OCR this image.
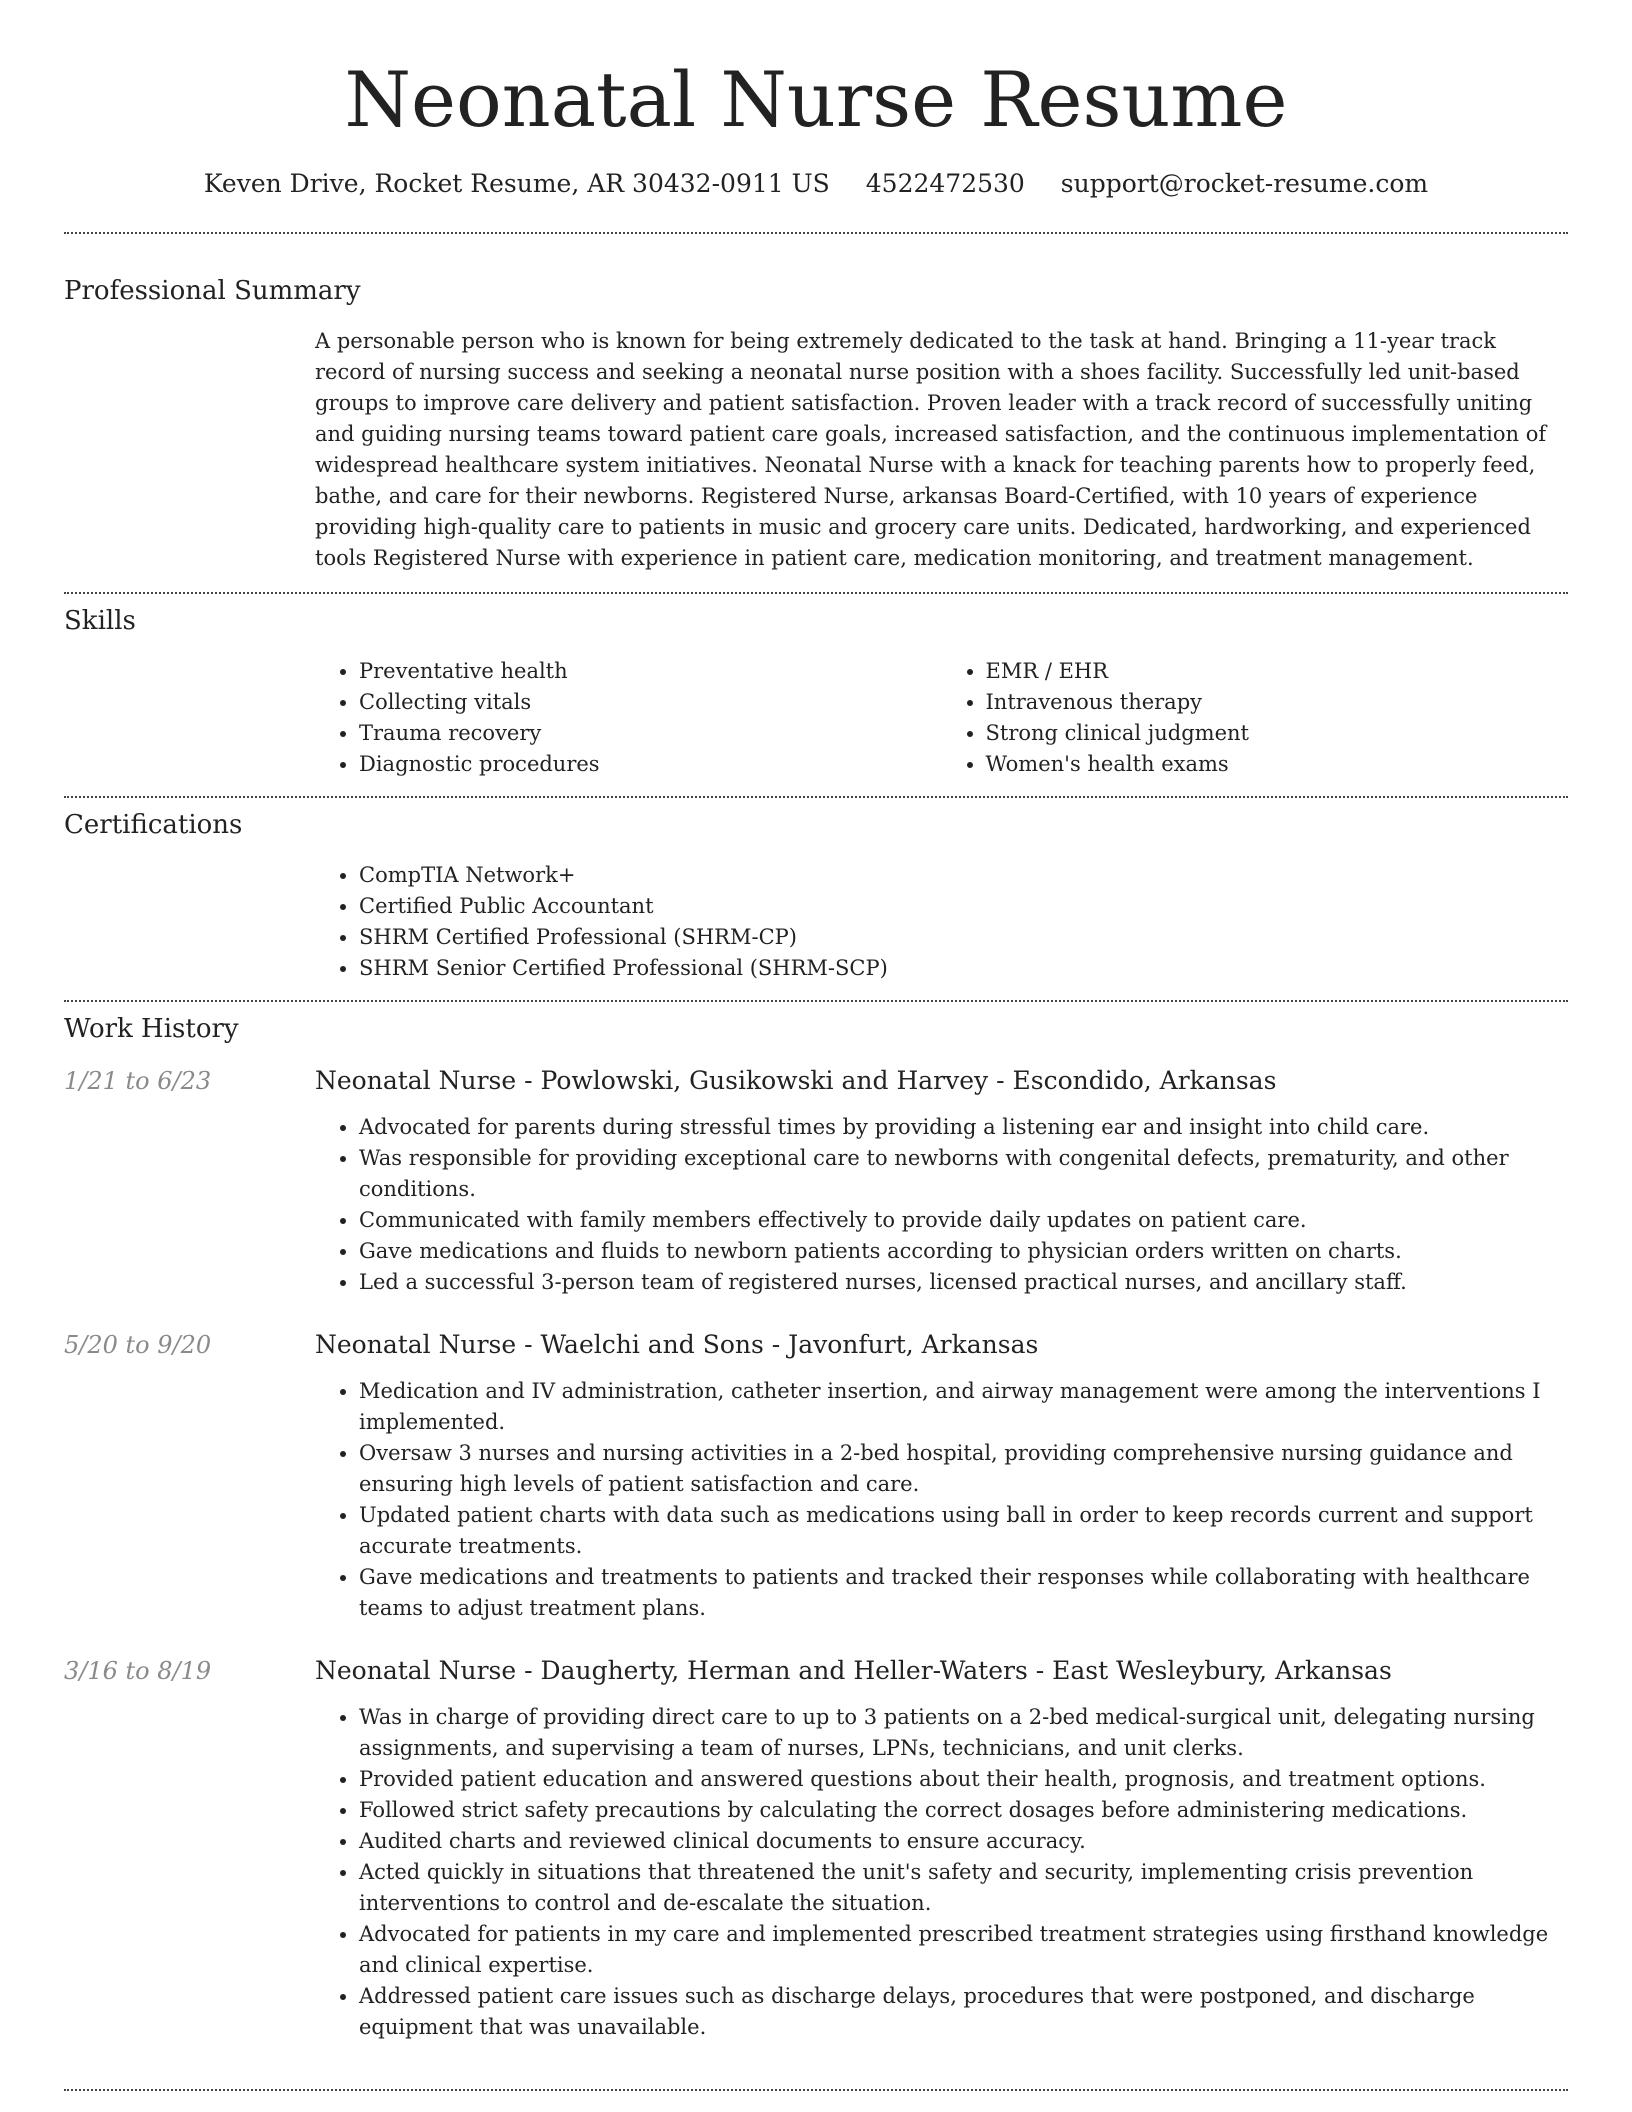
Neonatal Nurse Resume
Keven Drive, Rocket Resume, AR 30432-0911 US 4522472530 support@rocket-resume.com
Professional Summary

A personable person who is known for being extremely dedicated to the task at hand. Bringing a 11-year track record of nursing success and seeking a neonatal nurse position with a shoes facility. Successfully led unit-based groups to improve care delivery and patient satisfaction. Proven leader with a track record of successfully uniting and guiding nursing teams toward patient care goals, increased satisfaction, and the continuous implementation of widespread healthcare system initiatives. Neonatal Nurse with a knack for teaching parents how to properly feed, bathe, and care for their newborns. Registered Nurse, arkansas Board-Certified, with 10 years of experience providing high-quality care to patients in music and grocery care units. Dedicated, hardworking, and experienced tools Registered Nurse with experience in patient care, medication monitoring, and treatment management.

Skills
• Preventative health
• Collecting vitals
• Trauma recovery
• Diagnostic procedures
• EMR / EHR
• Intravenous therapy
• Strong clinical judgment
• Women's health exams
Certifications
• CompTIA Network+
• Certified Public Accountant
• SHRM Certified Professional (SHRM-CP)
• SHRM Senior Certified Professional (SHRM-SCP)
Work History
1/21 to 6/23	Neonatal Nurse - Powlowski, Gusikowski and Harvey - Escondido, Arkansas
• Advocated for parents during stressful times by providing a listening ear and insight into child care.
• Was responsible for providing exceptional care to newborns with congenital defects, prematurity, and other conditions.
• Communicated with family members effectively to provide daily updates on patient care.
• Gave medications and fluids to newborn patients according to physician orders written on charts.
• Led a successful 3-person team of registered nurses, licensed practical nurses, and ancillary staff.
5/20 to 9/20	Neonatal Nurse - Waelchi and Sons - Javonfurt, Arkansas
• Medication and IV administration, catheter insertion, and airway management were among the interventions I implemented.
• Oversaw 3 nurses and nursing activities in a 2-bed hospital, providing comprehensive nursing guidance and ensuring high levels of patient satisfaction and care.
• Updated patient charts with data such as medications using ball in order to keep records current and support accurate treatments.
• Gave medications and treatments to patients and tracked their responses while collaborating with healthcare teams to adjust treatment plans.
3/16 to 8/19	Neonatal Nurse - Daugherty, Herman and Heller-Waters - East Wesleybury, Arkansas
• Was in charge of providing direct care to up to 3 patients on a 2-bed medical-surgical unit, delegating nursing assignments, and supervising a team of nurses, LPNs, technicians, and unit clerks.
• Provided patient education and answered questions about their health, prognosis, and treatment options.
• Followed strict safety precautions by calculating the correct dosages before administering medications.
• Audited charts and reviewed clinical documents to ensure accuracy.
• Acted quickly in situations that threatened the unit's safety and security, implementing crisis prevention interventions to control and de-escalate the situation.
• Advocated for patients in my care and implemented prescribed treatment strategies using firsthand knowledge and clinical expertise.
• Addressed patient care issues such as discharge delays, procedures that were postponed, and discharge equipment that was unavailable.
